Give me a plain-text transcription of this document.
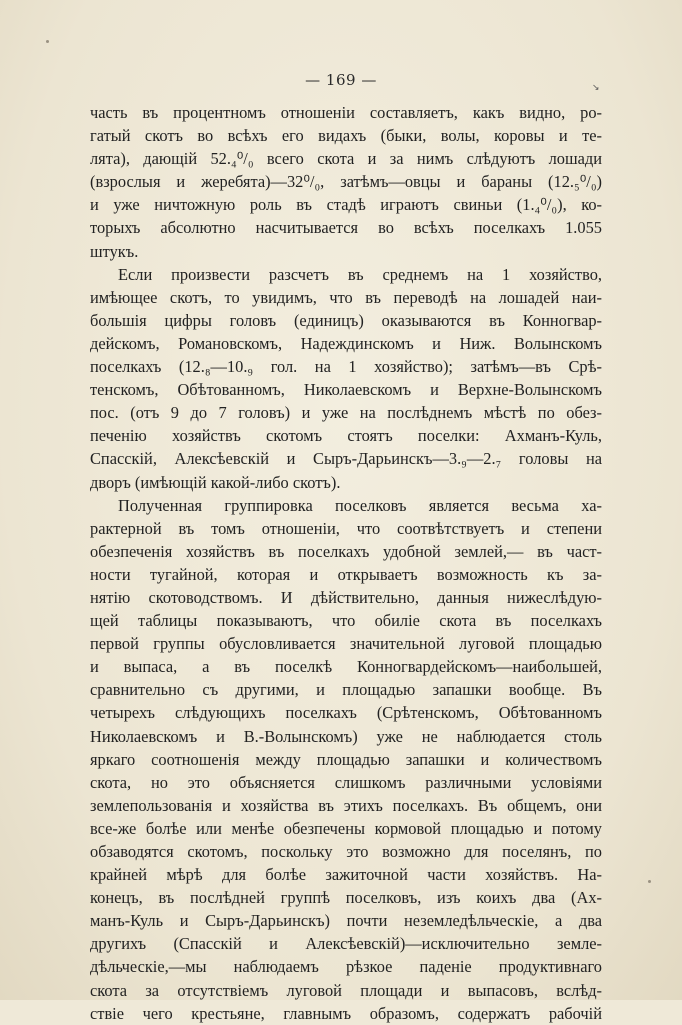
— 169 —	↘
часть въ процентномъ отношенiи составляетъ, какъ видно, ро-
гатый скотъ во всѣхъ его видахъ (быки, волы, коровы и те-
лята), дающiй 52.₄⁰/₀ всего скота и за нимъ слѣдуютъ лошади
(взрослыя и жеребята)—32⁰/₀, затѣмъ—овцы и бараны (12.₅⁰/₀)
и уже ничтожную роль въ стадѣ играютъ свиньи (1.₄⁰/₀), ко-
торыхъ абсолютно насчитывается во всѣхъ поселкахъ 1.055
штукъ.
Если произвести разсчетъ въ среднемъ на 1 хозяйство,
имѣющее скотъ, то увидимъ, что въ переводѣ на лошадей наи-
большiя цифры головъ (единицъ) оказываются въ Конногвар-
дейскомъ, Романовскомъ, Надеждинскомъ и Ниж. Волынскомъ
поселкахъ (12.₈—10.₉ гол. на 1 хозяйство); затѣмъ—въ Срѣ-
тенскомъ, Обѣтованномъ, Николаевскомъ и Верхне-Волынскомъ
пос. (отъ 9 до 7 головъ) и уже на послѣднемъ мѣстѣ по обез-
печенiю хозяйствъ скотомъ стоятъ поселки: Ахманъ-Куль,
Спасскiй, Алексѣевскiй и Сыръ-Дарьинскъ—3.₉—2.₇ головы на
дворъ (имѣющiй какой-либо скотъ).
Полученная группировка поселковъ является весьма ха-
рактерной въ томъ отношенiи, что соотвѣтствуетъ и степени
обезпеченiя хозяйствъ въ поселкахъ удобной землей,— въ част-
ности тугайной, которая и открываетъ возможность къ за-
нятiю скотоводствомъ. И дѣйствительно, данныя нижеслѣдую-
щей таблицы показываютъ, что обилiе скота въ поселкахъ
первой группы обусловливается значительной луговой площадью
и выпаса, а въ поселкѣ Конногвардейскомъ—наибольшей,
сравнительно съ другими, и площадью запашки вообще. Въ
четырехъ слѣдующихъ поселкахъ (Срѣтенскомъ, Обѣтованномъ
Николаевскомъ и В.-Волынскомъ) уже не наблюдается столь
яркаго соотношенiя между площадью запашки и количествомъ
скота, но это объясняется слишкомъ различными условiями
землепользованiя и хозяйства въ этихъ поселкахъ. Въ общемъ, они
все-же болѣе или менѣе обезпечены кормовой площадью и потому
обзаводятся скотомъ, поскольку это возможно для поселянъ, по
крайней мѣрѣ для болѣе зажиточной части хозяйствъ. На-
конецъ, въ послѣдней группѣ поселковъ, изъ коихъ два (Ах-
манъ-Куль и Сыръ-Дарьинскъ) почти неземледѣльческiе, а два
другихъ (Спасскiй и Алексѣевскiй)—исключительно земле-
дѣльческiе,—мы наблюдаемъ рѣзкое паденiе продуктивнаго
скота за отсутствiемъ луговой площади и выпасовъ, вслѣд-
ствiе чего крестьяне, главнымъ образомъ, содержатъ рабочiй
